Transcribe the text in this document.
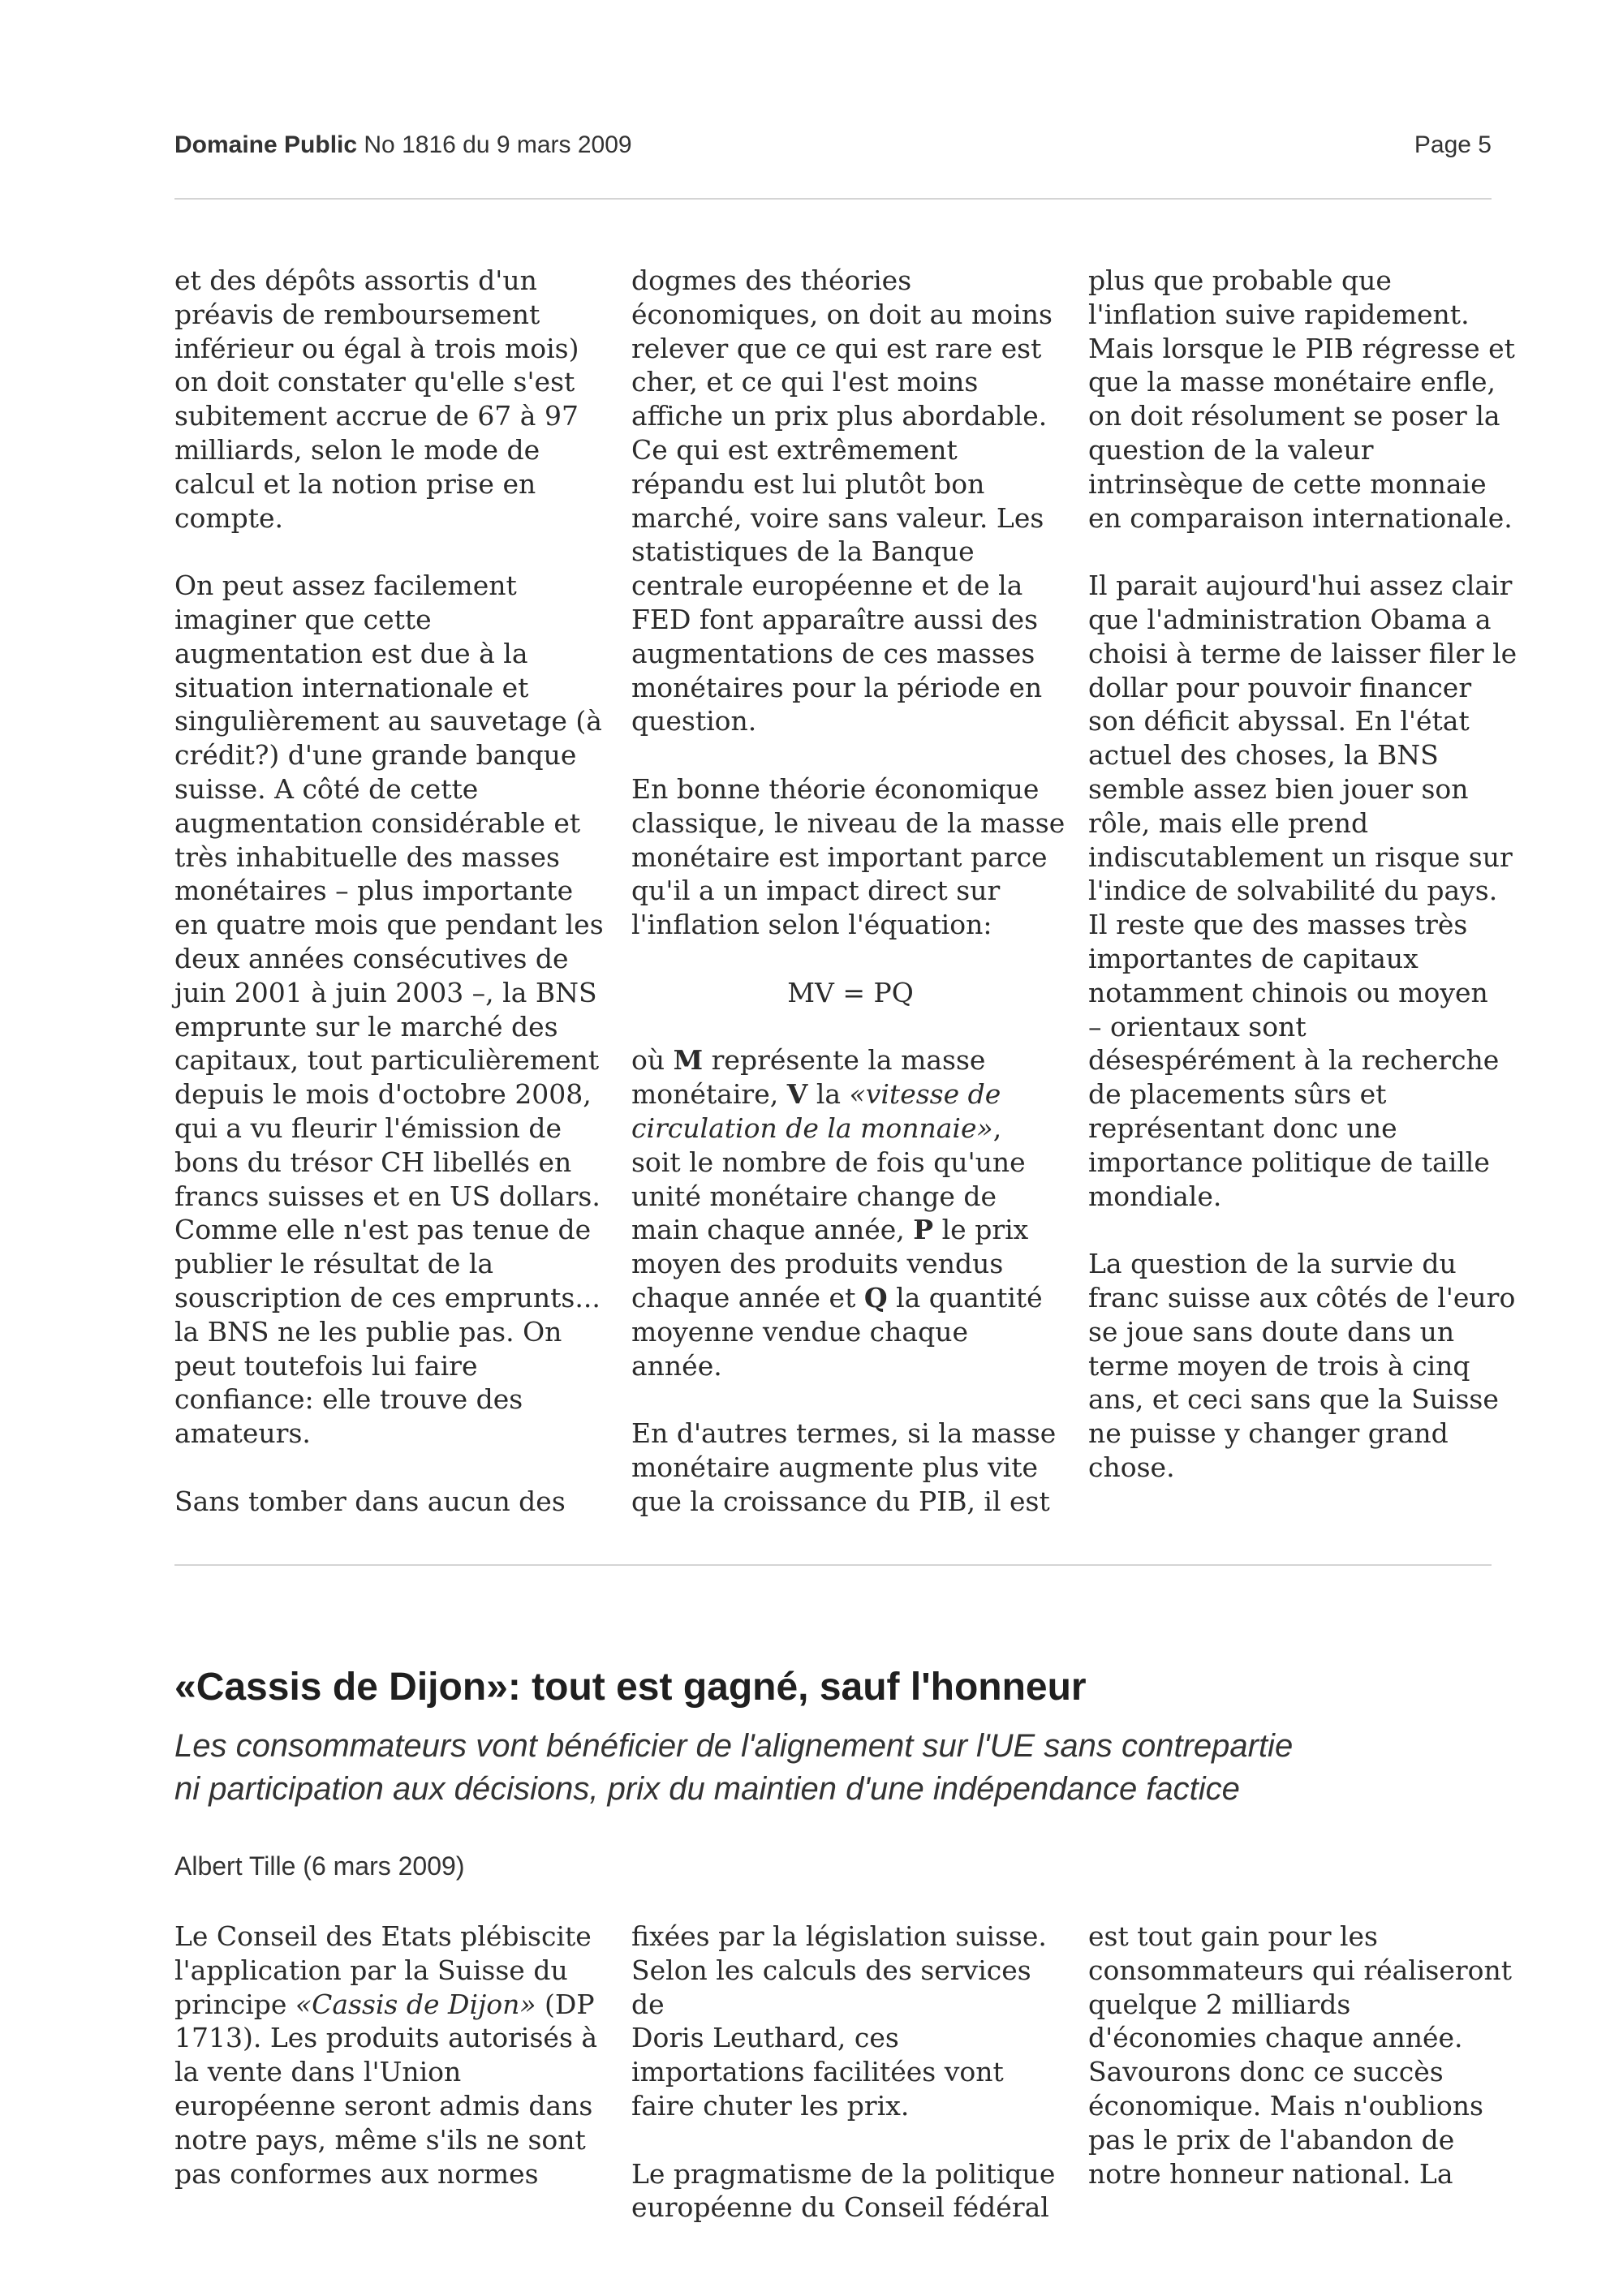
Domaine Public No 1816 du 9 mars 2009	Page 5

et des dépôts assortis d'un
préavis de remboursement
inférieur ou égal à trois mois)
on doit constater qu'elle s'est
subitement accrue de 67 à 97
milliards, selon le mode de
calcul et la notion prise en
compte.

On peut assez facilement
imaginer que cette
augmentation est due à la
situation internationale et
singulièrement au sauvetage (à
crédit?) d'une grande banque
suisse. A côté de cette
augmentation considérable et
très inhabituelle des masses
monétaires – plus importante
en quatre mois que pendant les
deux années consécutives de
juin 2001 à juin 2003 –, la BNS
emprunte sur le marché des
capitaux, tout particulièrement
depuis le mois d'octobre 2008,
qui a vu fleurir l'émission de
bons du trésor CH libellés en
francs suisses et en US dollars.
Comme elle n'est pas tenue de
publier le résultat de la
souscription de ces emprunts...
la BNS ne les publie pas. On
peut toutefois lui faire
confiance: elle trouve des
amateurs.

Sans tomber dans aucun des

dogmes des théories
économiques, on doit au moins
relever que ce qui est rare est
cher, et ce qui l'est moins
affiche un prix plus abordable.
Ce qui est extrêmement
répandu est lui plutôt bon
marché, voire sans valeur. Les
statistiques de la Banque
centrale européenne et de la
FED font apparaître aussi des
augmentations de ces masses
monétaires pour la période en
question.

En bonne théorie économique
classique, le niveau de la masse
monétaire est important parce
qu'il a un impact direct sur
l'inflation selon l'équation:

MV = PQ

où M représente la masse
monétaire, V la «vitesse de
circulation de la monnaie»,
soit le nombre de fois qu'une
unité monétaire change de
main chaque année, P le prix
moyen des produits vendus
chaque année et Q la quantité
moyenne vendue chaque
année.

En d'autres termes, si la masse
monétaire augmente plus vite
que la croissance du PIB, il est

plus que probable que
l'inflation suive rapidement.
Mais lorsque le PIB régresse et
que la masse monétaire enfle,
on doit résolument se poser la
question de la valeur
intrinsèque de cette monnaie
en comparaison internationale.

Il parait aujourd'hui assez clair
que l'administration Obama a
choisi à terme de laisser filer le
dollar pour pouvoir financer
son déficit abyssal. En l'état
actuel des choses, la BNS
semble assez bien jouer son
rôle, mais elle prend
indiscutablement un risque sur
l'indice de solvabilité du pays.
Il reste que des masses très
importantes de capitaux
notamment chinois ou moyen
– orientaux sont
désespérément à la recherche
de placements sûrs et
représentant donc une
importance politique de taille
mondiale.

La question de la survie du
franc suisse aux côtés de l'euro
se joue sans doute dans un
terme moyen de trois à cinq
ans, et ceci sans que la Suisse
ne puisse y changer grand
chose.

«Cassis de Dijon»: tout est gagné, sauf l'honneur

Les consommateurs vont bénéficier de l'alignement sur l'UE sans contrepartie
ni participation aux décisions, prix du maintien d'une indépendance factice

Albert Tille (6 mars 2009)

Le Conseil des Etats plébiscite
l'application par la Suisse du
principe «Cassis de Dijon» (DP
1713). Les produits autorisés à
la vente dans l'Union
européenne seront admis dans
notre pays, même s'ils ne sont
pas conformes aux normes

fixées par la législation suisse.
Selon les calculs des services de
Doris Leuthard, ces
importations facilitées vont
faire chuter les prix.

Le pragmatisme de la politique
européenne du Conseil fédéral

est tout gain pour les
consommateurs qui réaliseront
quelque 2 milliards
d'économies chaque année.
Savourons donc ce succès
économique. Mais n'oublions
pas le prix de l'abandon de
notre honneur national. La
